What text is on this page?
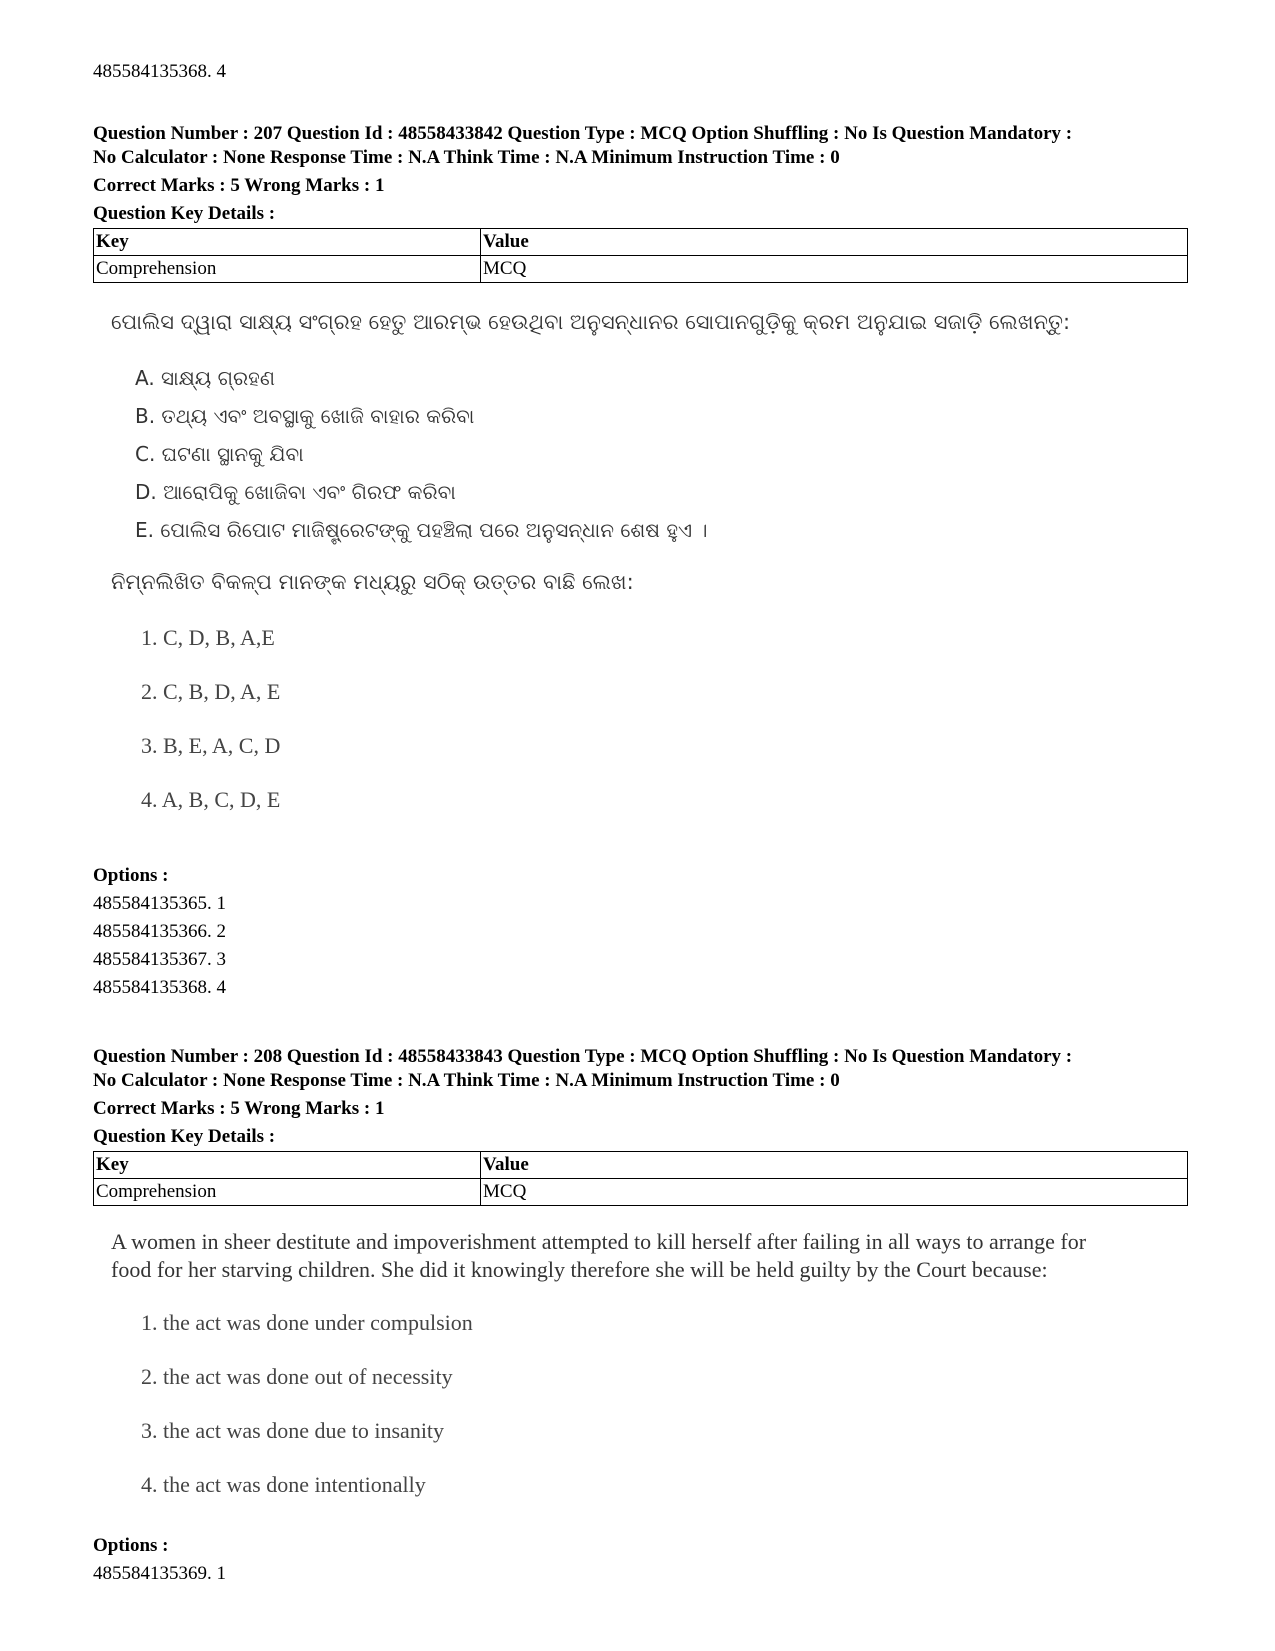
485584135368. 4
Question Number : 207 Question Id : 48558433842 Question Type : MCQ Option Shuffling : No Is Question Mandatory :
No Calculator : None Response Time : N.A Think Time : N.A Minimum Instruction Time : 0
Correct Marks : 5 Wrong Marks : 1
Question Key Details :
Key	Value
Comprehension	MCQ
ପୋଲିସ ଦ୍ୱାରା ସାକ୍ଷ୍ୟ ସଂଗ୍ରହ ହେତୁ ଆରମ୍ଭ ହେଉଥିବା ଅନୁସନ୍ଧାନର ସୋପାନଗୁଡ଼ିକୁ କ୍ରମ ଅନୁଯାଇ ସଜାଡ଼ି ଲେଖନ୍ତୁ:
A. ସାକ୍ଷ୍ୟ ଗ୍ରହଣ
B. ତଥ୍ୟ ଏବଂ ଅବସ୍ଥାକୁ ଖୋଜି ବାହାର କରିବା
C. ଘଟଣା ସ୍ଥାନକୁ ଯିବା
D. ଆରୋପିକୁ ଖୋଜିବା ଏବଂ ଗିରଫ କରିବା
E. ପୋଲିସ ରିପୋଟ ମାଜିଷ୍ଟ୍ରେଟଙ୍କୁ ପହଞ୍ଚିଲା ପରେ ଅନୁସନ୍ଧାନ ଶେଷ ହୁଏ ।
ନିମ୍ନଲିଖିତ ବିକଳ୍ପ ମାନଙ୍କ ମଧ୍ୟରୁ ସଠିକ୍ ଉତ୍ତର ବାଛି ଲେଖ:
1. C, D, B, A,E
2. C, B, D, A, E
3. B, E, A, C, D
4. A, B, C, D, E
Options :
485584135365. 1
485584135366. 2
485584135367. 3
485584135368. 4
Question Number : 208 Question Id : 48558433843 Question Type : MCQ Option Shuffling : No Is Question Mandatory :
No Calculator : None Response Time : N.A Think Time : N.A Minimum Instruction Time : 0
Correct Marks : 5 Wrong Marks : 1
Question Key Details :
Key	Value
Comprehension	MCQ
A women in sheer destitute and impoverishment attempted to kill herself after failing in all ways to arrange for
food for her starving children. She did it knowingly therefore she will be held guilty by the Court because:
1. the act was done under compulsion
2. the act was done out of necessity
3. the act was done due to insanity
4. the act was done intentionally
Options :
485584135369. 1
